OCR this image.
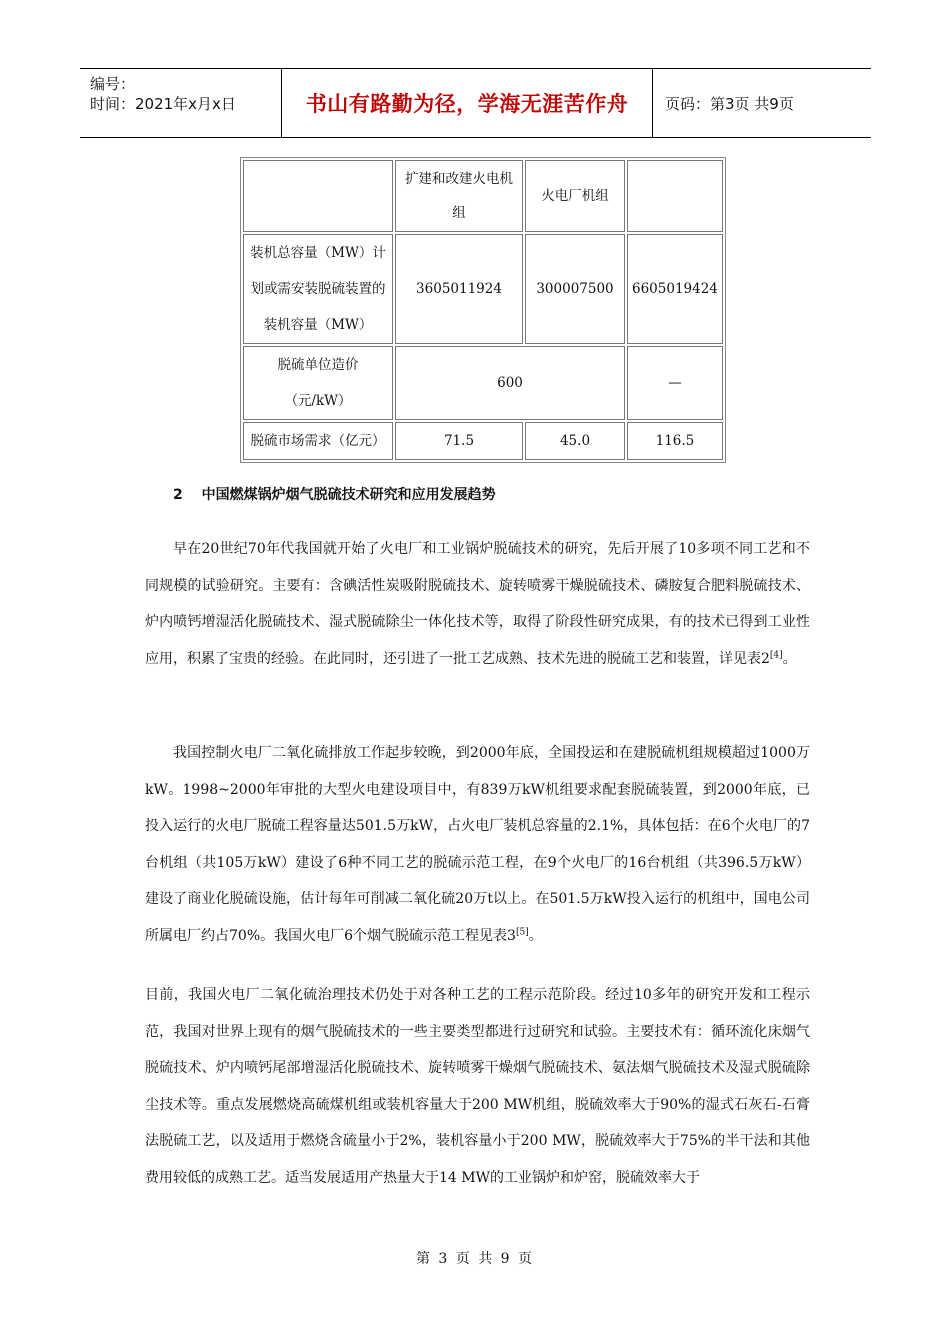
编号：
时间：2021年x月x日	书山有路勤为径，学海无涯苦作舟	页码：第3页 共9页
	扩建和改建火电机组	火电厂机组	
装机总容量（MW）计划或需安装脱硫装置的装机容量（MW）	3605011924	300007500	6605019424
脱硫单位造价（元/kW）	600		—
脱硫市场需求（亿元）	71.5	45.0	116.5
2 中国燃煤锅炉烟气脱硫技术研究和应用发展趋势
早在20世纪70年代我国就开始了火电厂和工业锅炉脱硫技术的研究，先后开展了10多项不同工艺和不同规模的试验研究。主要有：含碘活性炭吸附脱硫技术、旋转喷雾干燥脱硫技术、磷胺复合肥料脱硫技术、炉内喷钙增湿活化脱硫技术、湿式脱硫除尘一体化技术等，取得了阶段性研究成果，有的技术已得到工业性应用，积累了宝贵的经验。在此同时，还引进了一批工艺成熟、技术先进的脱硫工艺和装置，详见表2[4]。
我国控制火电厂二氧化硫排放工作起步较晚，到2000年底，全国投运和在建脱硫机组规模超过1000万kW。1998~2000年审批的大型火电建设项目中，有839万kW机组要求配套脱硫装置，到2000年底，已投入运行的火电厂脱硫工程容量达501.5万kW，占火电厂装机总容量的2.1%，具体包括：在6个火电厂的7台机组（共105万kW）建设了6种不同工艺的脱硫示范工程，在9个火电厂的16台机组（共396.5万kW）建设了商业化脱硫设施，估计每年可削减二氧化硫20万t以上。在501.5万kW投入运行的机组中，国电公司所属电厂约占70%。我国火电厂6个烟气脱硫示范工程见表3[5]。
目前，我国火电厂二氧化硫治理技术仍处于对各种工艺的工程示范阶段。经过10多年的研究开发和工程示范，我国对世界上现有的烟气脱硫技术的一些主要类型都进行过研究和试验。主要技术有：循环流化床烟气脱硫技术、炉内喷钙尾部增湿活化脱硫技术、旋转喷雾干燥烟气脱硫技术、氨法烟气脱硫技术及湿式脱硫除尘技术等。重点发展燃烧高硫煤机组或装机容量大于200 MW机组，脱硫效率大于90%的湿式石灰石-石膏法脱硫工艺，以及适用于燃烧含硫量小于2%，装机容量小于200 MW，脱硫效率大于75%的半干法和其他费用较低的成熟工艺。适当发展适用产热量大于14 MW的工业锅炉和炉窑，脱硫效率大于
第 3 页 共 9 页
